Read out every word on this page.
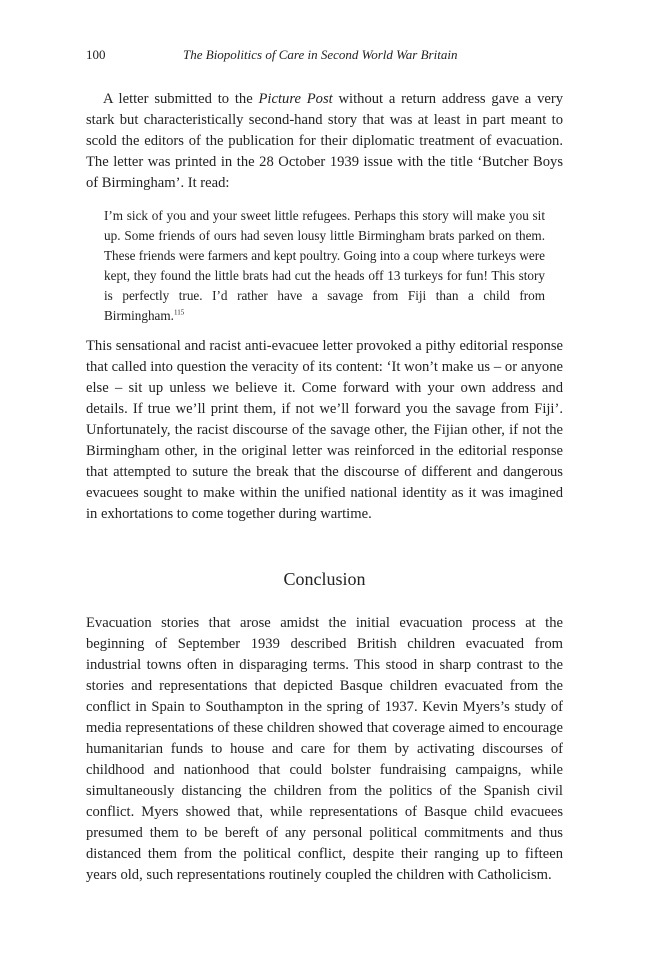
100	The Biopolitics of Care in Second World War Britain

A letter submitted to the Picture Post without a return address gave a very stark but characteristically second-hand story that was at least in part meant to scold the editors of the publication for their diplomatic treatment of evacuation. The letter was printed in the 28 October 1939 issue with the title ‘Butcher Boys of Birmingham’. It read:

I’m sick of you and your sweet little refugees. Perhaps this story will make you sit up. Some friends of ours had seven lousy little Birmingham brats parked on them. These friends were farmers and kept poultry. Going into a coup where turkeys were kept, they found the little brats had cut the heads off 13 turkeys for fun! This story is perfectly true. I’d rather have a savage from Fiji than a child from Birmingham.$^{115}$

This sensational and racist anti-evacuee letter provoked a pithy editorial response that called into question the veracity of its content: ‘It won’t make us – or anyone else – sit up unless we believe it. Come forward with your own address and details. If true we’ll print them, if not we’ll forward you the savage from Fiji’. Unfortunately, the racist discourse of the savage other, the Fijian other, if not the Birmingham other, in the original letter was reinforced in the editorial response that attempted to suture the break that the discourse of different and dangerous evacuees sought to make within the unified national identity as it was imagined in exhortations to come together during wartime.

Conclusion

Evacuation stories that arose amidst the initial evacuation process at the beginning of September 1939 described British children evacuated from industrial towns often in disparaging terms. This stood in sharp contrast to the stories and representations that depicted Basque children evacuated from the conflict in Spain to Southampton in the spring of 1937. Kevin Myers’s study of media representations of these children showed that coverage aimed to encourage humanitarian funds to house and care for them by activating discourses of childhood and nationhood that could bolster fundraising campaigns, while simultaneously distancing the children from the politics of the Spanish civil conflict. Myers showed that, while representations of Basque child evacuees presumed them to be bereft of any personal political commitments and thus distanced them from the political conflict, despite their ranging up to fifteen years old, such representations routinely coupled the children with Catholicism.
